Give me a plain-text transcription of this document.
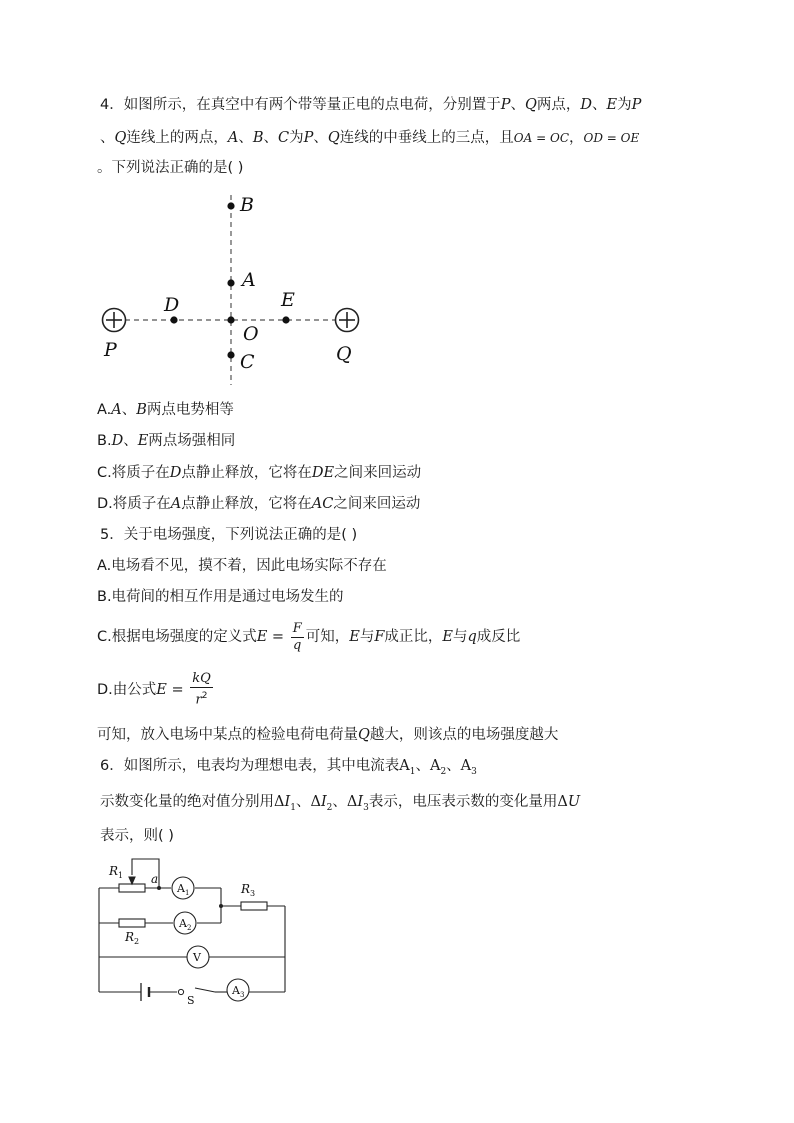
4．如图所示，在真空中有两个带等量正电的点电荷，分别置于P、Q两点，D、E为P
、Q连线上的两点，A、B、C为P、Q连线的中垂线上的三点，且OA = OC，OD = OE
。下列说法正确的是( )
B
A
D	E
O
C
P	Q
A.A、B两点电势相等
B.D、E两点场强相同
C.将质子在D点静止释放，它将在DE之间来回运动
D.将质子在A点静止释放，它将在AC之间来回运动
5．关于电场强度，下列说法正确的是( )
A.电场看不见，摸不着，因此电场实际不存在
B.电荷间的相互作用是通过电场发生的
C.根据电场强度的定义式$E = \frac{F}{q}$ 可知，E与F成正比，E与q成反比
D.由公式$E = \frac{kQ}{r^2}$
可知，放入电场中某点的检验电荷电荷量Q越大，则该点的电场强度越大
6．如图所示，电表均为理想电表，其中电流表$A_1$、$A_2$、$A_3$
示数变化量的绝对值分别用$\Delta I_1$、$\Delta I_2$、$\Delta I_3$表示，电压表示数的变化量用ΔU
表示，则( )
$R_1$ a
$A_1$	$R_3$
$A_2$
$R_2$
V
S
$A_3$
